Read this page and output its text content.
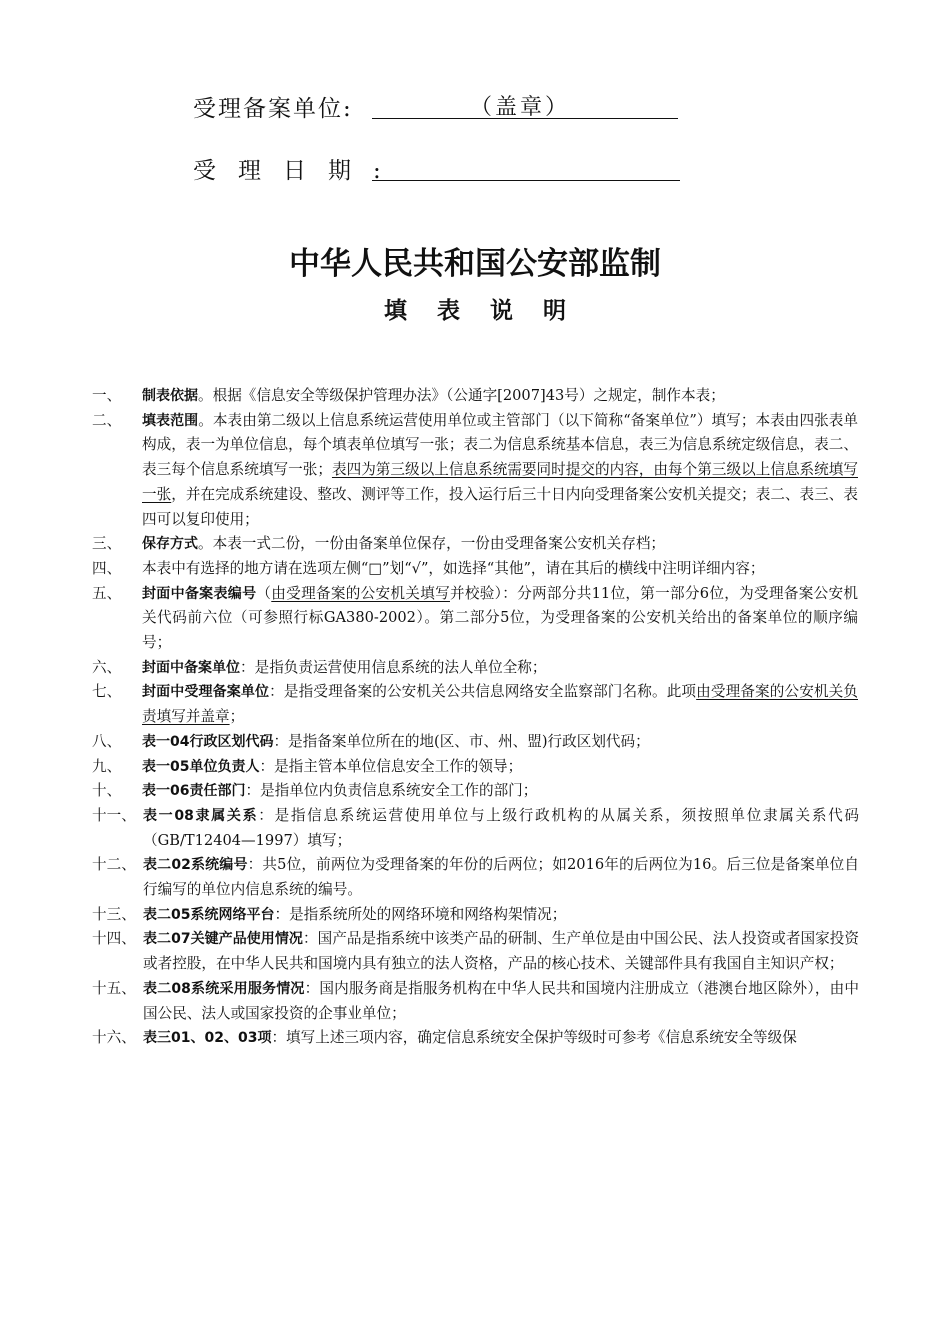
受理备案单位:	（盖章）
受理日期:
中华人民共和国公安部监制
填表说明
一、 制表依据。根据《信息安全等级保护管理办法》（公通字[2007]43号）之规定，制作本表；
二、 填表范围。本表由第二级以上信息系统运营使用单位或主管部门（以下简称“备案单位”）填写；本表由四张表单构成，表一为单位信息，每个填表单位填写一张；表二为信息系统基本信息，表三为信息系统定级信息，表二、表三每个信息系统填写一张；表四为第三级以上信息系统需要同时提交的内容，由每个第三级以上信息系统填写一张，并在完成系统建设、整改、测评等工作，投入运行后三十日内向受理备案公安机关提交；表二、表三、表四可以复印使用；
三、 保存方式。本表一式二份，一份由备案单位保存，一份由受理备案公安机关存档；
四、 本表中有选择的地方请在选项左侧“□”划“√”，如选择“其他”，请在其后的横线中注明详细内容；
五、 封面中备案表编号（由受理备案的公安机关填写并校验）：分两部分共11位，第一部分6位，为受理备案公安机关代码前六位（可参照行标GA380-2002）。第二部分5位，为受理备案的公安机关给出的备案单位的顺序编号；
六、 封面中备案单位：是指负责运营使用信息系统的法人单位全称；
七、 封面中受理备案单位：是指受理备案的公安机关公共信息网络安全监察部门名称。此项由受理备案的公安机关负责填写并盖章；
八、 表一04行政区划代码：是指备案单位所在的地(区、市、州、盟)行政区划代码；
九、 表一05单位负责人：是指主管本单位信息安全工作的领导；
十、 表一06责任部门：是指单位内负责信息系统安全工作的部门；
十一、 表一08隶属关系：是指信息系统运营使用单位与上级行政机构的从属关系，须按照单位隶属关系代码（GB/T12404—1997）填写；
十二、 表二02系统编号：共5位，前两位为受理备案的年份的后两位；如2016年的后两位为16。后三位是备案单位自行编写的单位内信息系统的编号。
十三、 表二05系统网络平台：是指系统所处的网络环境和网络构架情况；
十四、 表二07关键产品使用情况：国产品是指系统中该类产品的研制、生产单位是由中国公民、法人投资或者国家投资或者控股，在中华人民共和国境内具有独立的法人资格，产品的核心技术、关键部件具有我国自主知识产权；
十五、 表二08系统采用服务情况：国内服务商是指服务机构在中华人民共和国境内注册成立（港澳台地区除外），由中国公民、法人或国家投资的企事业单位；
十六、 表三01、02、03项：填写上述三项内容，确定信息系统安全保护等级时可参考《信息系统安全等级保
